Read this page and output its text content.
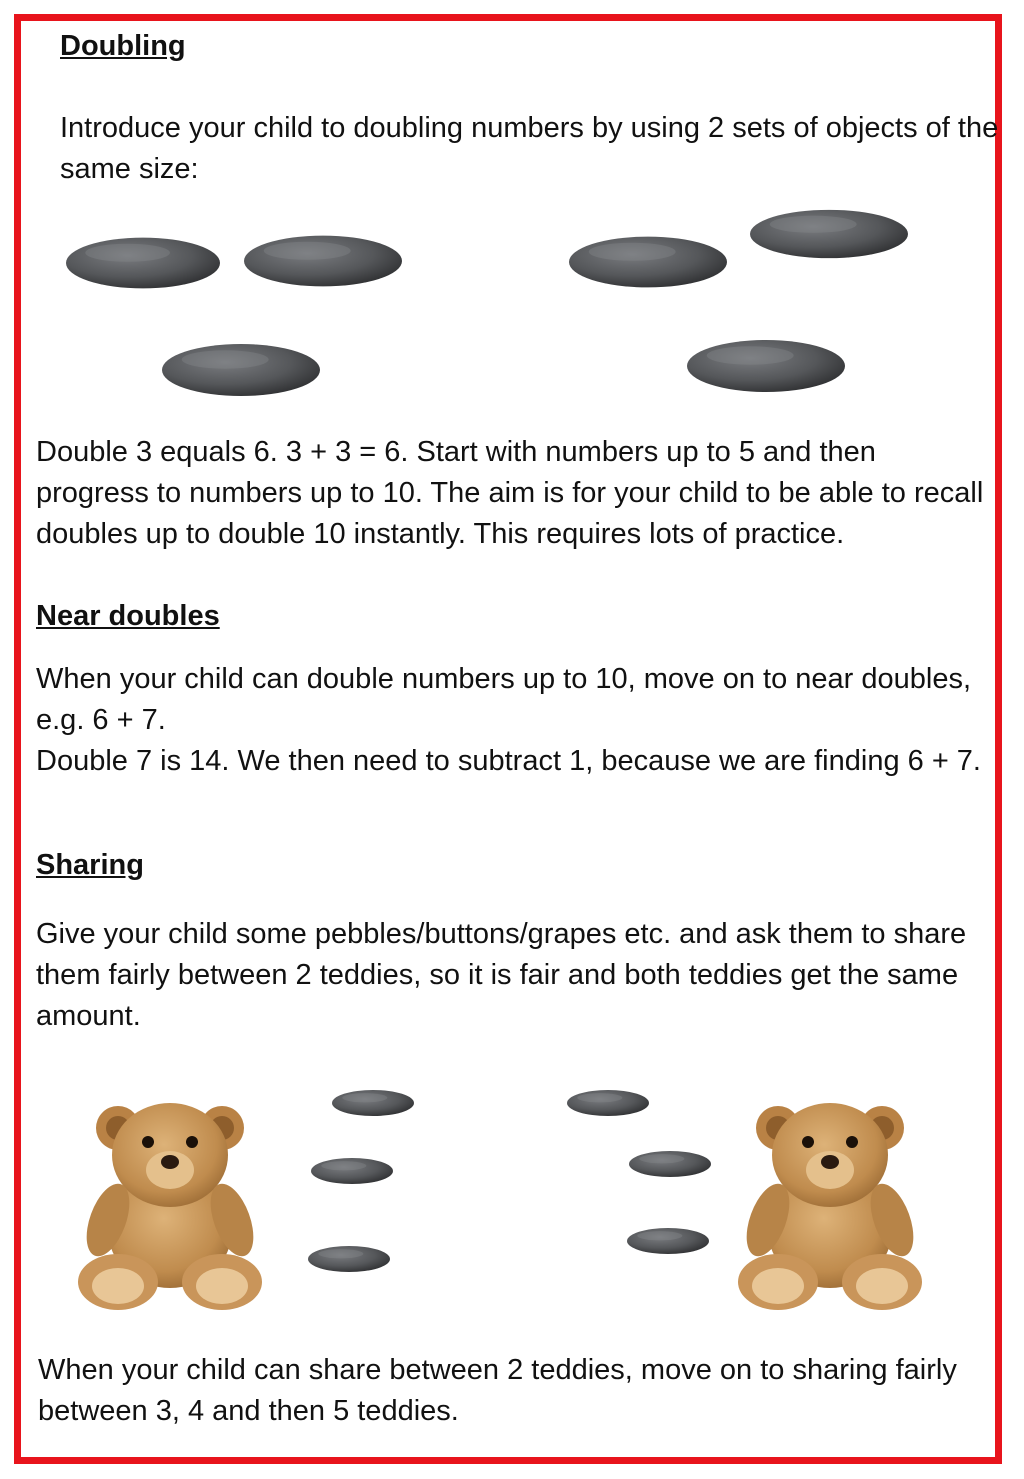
Doubling

Introduce your child to doubling numbers by using 2 sets of objects of the same size:

Double 3 equals 6. 3 + 3 = 6. Start with numbers up to 5 and then progress to numbers up to 10. The aim is for your child to be able to recall doubles up to double 10 instantly. This requires lots of practice.

Near doubles

When your child can double numbers up to 10, move on to near doubles, e.g. 6 + 7.

Double 7 is 14. We then need to subtract 1, because we are finding 6 + 7.

Sharing

Give your child some pebbles/buttons/grapes etc. and ask them to share them fairly between 2 teddies, so it is fair and both teddies get the same amount.

When your child can share between 2 teddies, move on to sharing fairly between 3, 4 and then 5 teddies.
